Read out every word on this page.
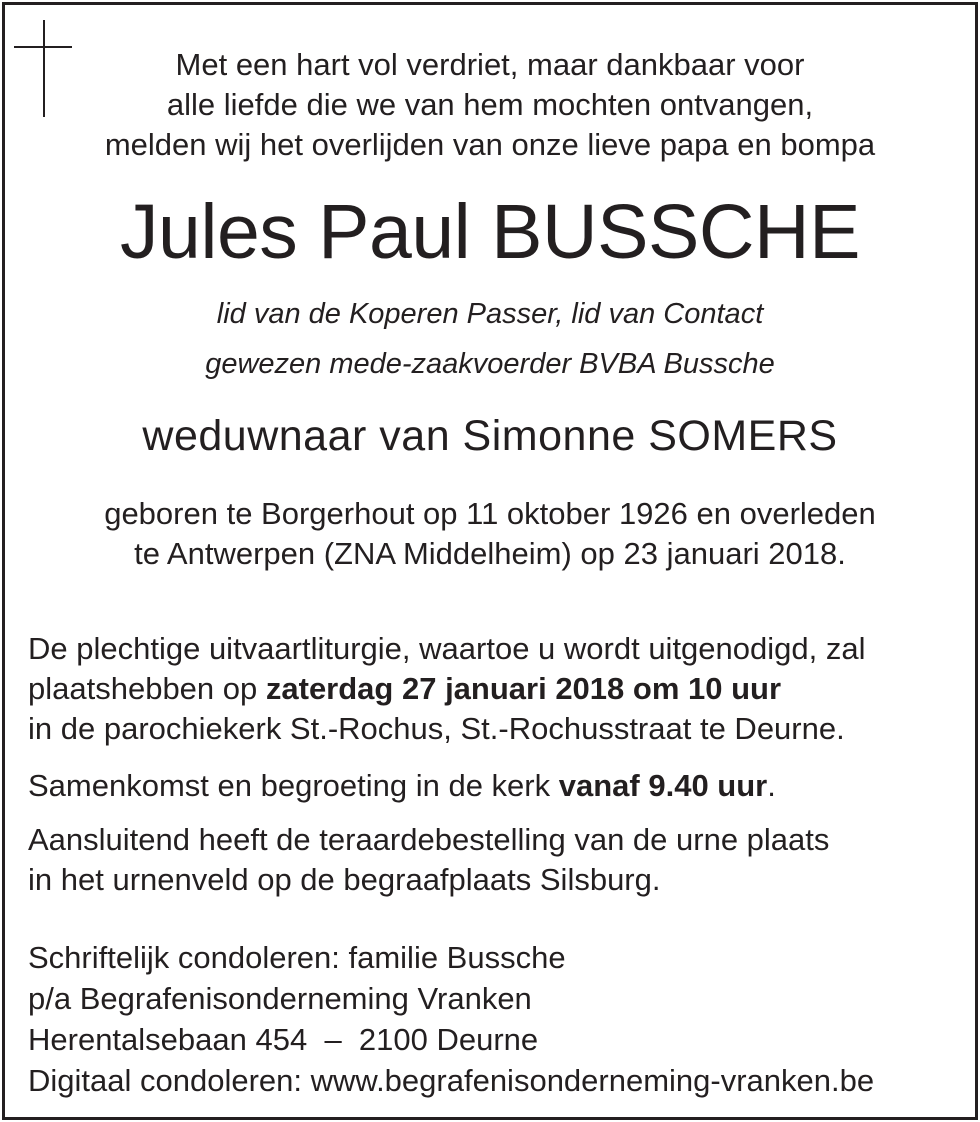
Met een hart vol verdriet, maar dankbaar voor
alle liefde die we van hem mochten ontvangen,
melden wij het overlijden van onze lieve papa en bompa
Jules Paul BUSSCHE
lid van de Koperen Passer, lid van Contact
gewezen mede-zaakvoerder BVBA Bussche
weduwnaar van Simonne SOMERS
geboren te Borgerhout op 11 oktober 1926 en overleden
te Antwerpen (ZNA Middelheim) op 23 januari 2018.
De plechtige uitvaartliturgie, waartoe u wordt uitgenodigd, zal
plaatshebben op zaterdag 27 januari 2018 om 10 uur
in de parochiekerk St.-Rochus, St.-Rochusstraat te Deurne.
Samenkomst en begroeting in de kerk vanaf 9.40 uur.
Aansluitend heeft de teraardebestelling van de urne plaats
in het urnenveld op de begraafplaats Silsburg.
Schriftelijk condoleren: familie Bussche
p/a Begrafenisonderneming Vranken
Herentalsebaan 454  –  2100 Deurne
Digitaal condoleren: www.begrafenisonderneming-vranken.be
